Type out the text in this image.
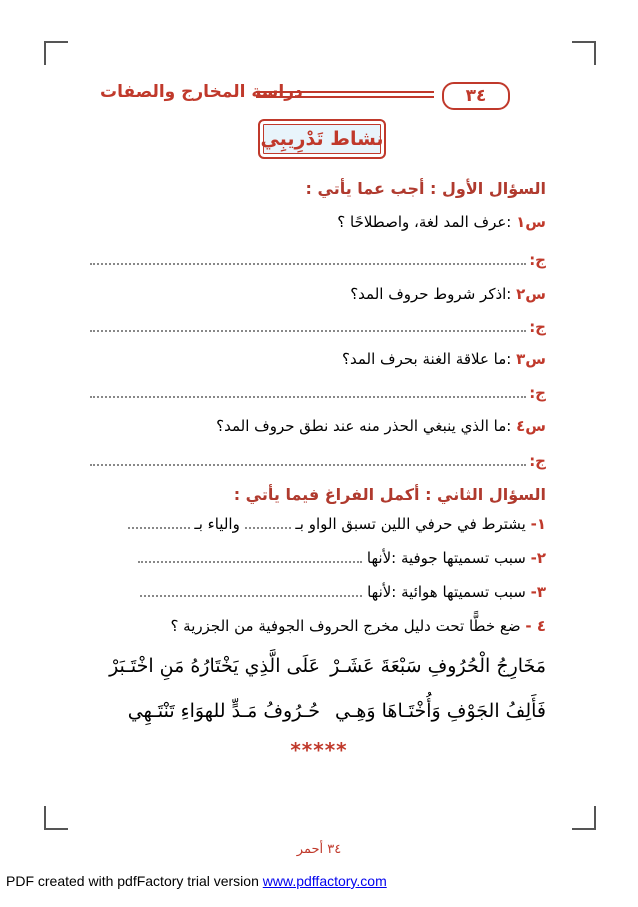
دراسة المخارج والصفات	٣٤
نشاط تَدْرِيبِي
السؤال الأول : أجب عما يأتي :
س١ :عرف المد لغة، واصطلاحًا ؟
ج:
س٢ :اذكر شروط حروف المد؟
ج:
س٣ :ما علاقة الغنة بحرف المد؟
ج:
س٤ :ما الذي ينبغي الحذر منه عند نطق حروف المد؟
ج:
السؤال الثاني : أكمل الفراغ فيما يأتي :
١- يشترط في حرفي اللين تسبق الواو بـ  والياء بـ
٢- سبب تسميتها جوفية :لأنها
٣- سبب تسميتها هوائية :لأنها
٤ - ضع خطًّا تحت دليل مخرج الحروف الجوفية من الجزرية ؟
مَخَارِجُ الْحُرُوفِ سَبْعَةَ عَشَـرْ
عَلَى الَّذِي يَخْتَارُهُ مَنِ اخْتَـبَرْ
فَأَلِفُ الجَوْفِ وَأُخْتَـاهَا وَهِـي
حُـرُوفُ مَـدٍّ للهوَاءِ تَنْتَـهِي
*****
٣٤ أحمر
PDF created with pdfFactory trial version www.pdffactory.com
